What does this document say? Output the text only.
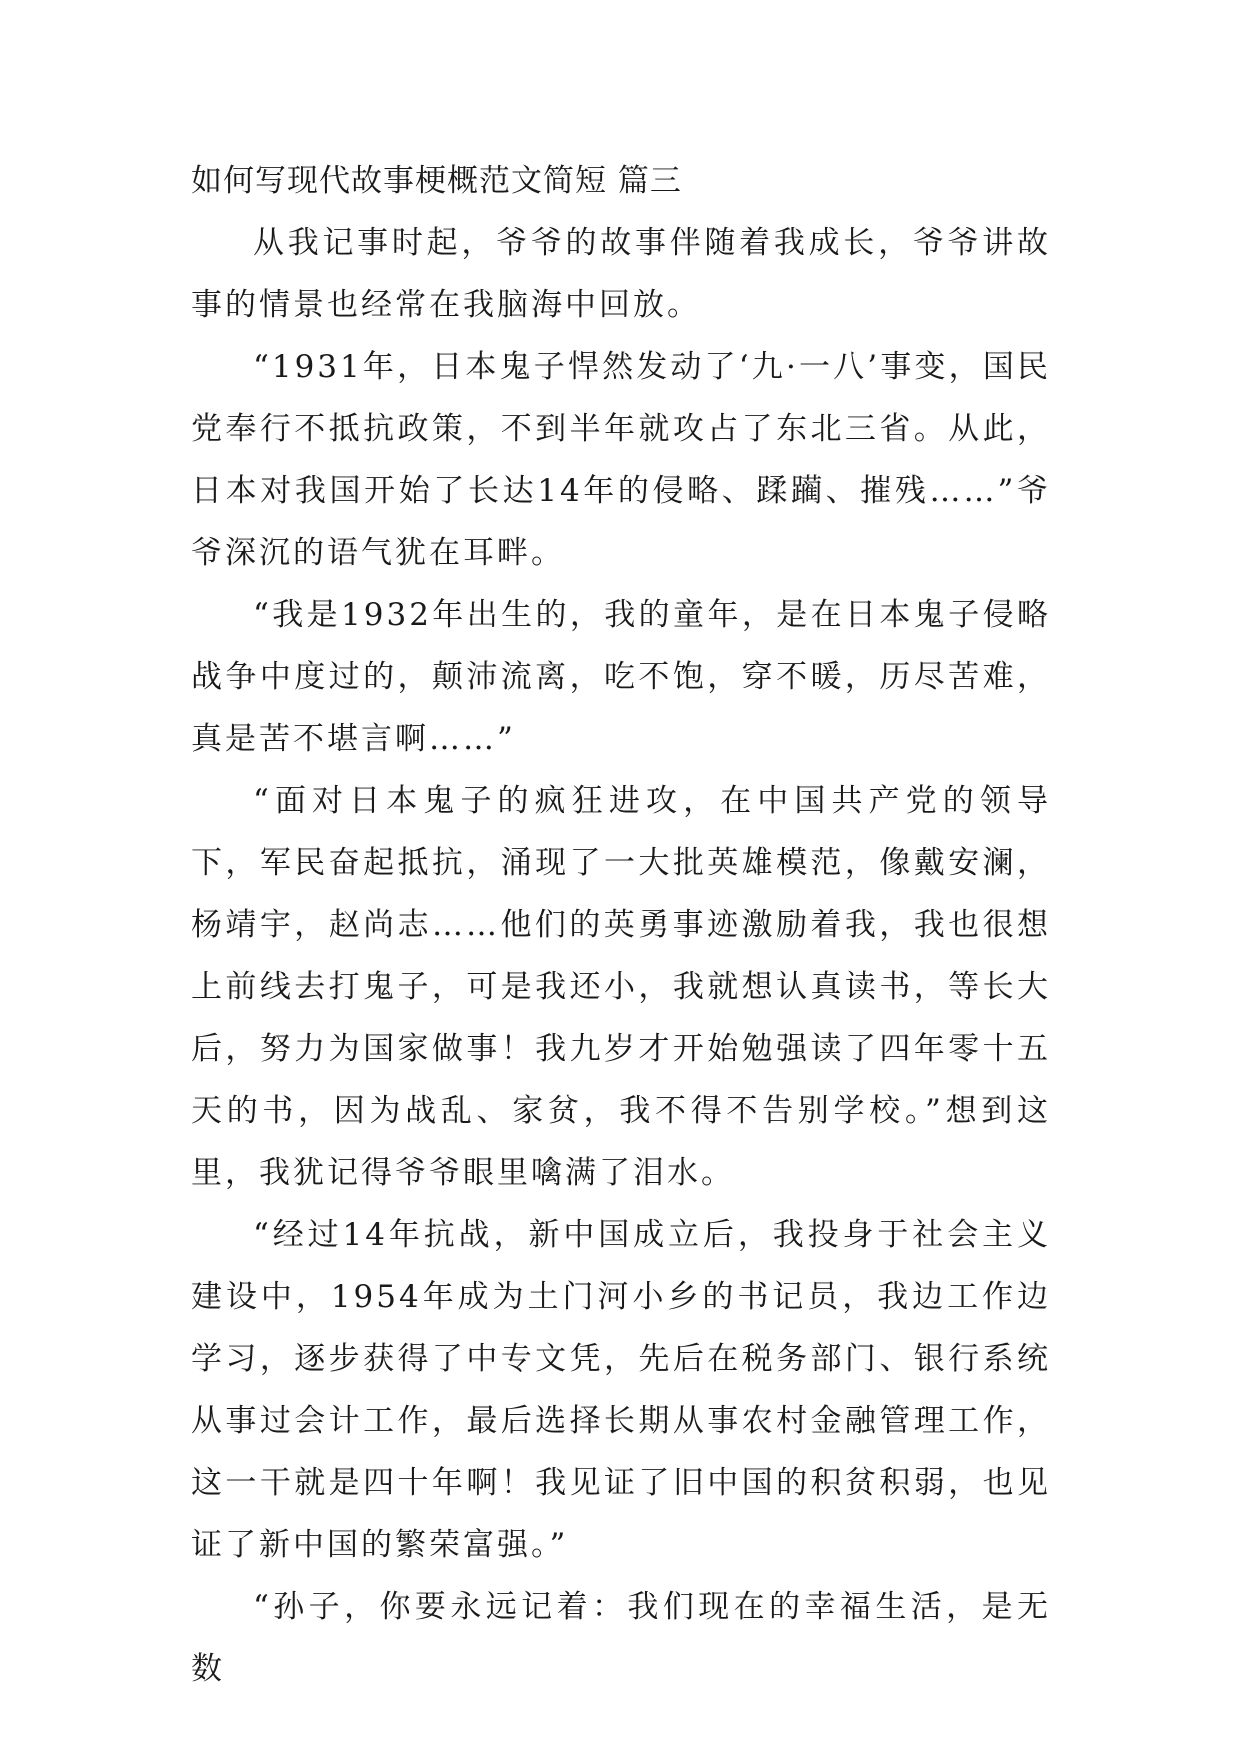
如何写现代故事梗概范文简短 篇三

从我记事时起，爷爷的故事伴随着我成长，爷爷讲故事的情景也经常在我脑海中回放。

“1931年，日本鬼子悍然发动了‘九·一八’事变，国民党奉行不抵抗政策，不到半年就攻占了东北三省。从此，日本对我国开始了长达14年的侵略、蹂躏、摧残……”爷爷深沉的语气犹在耳畔。

“我是1932年出生的，我的童年，是在日本鬼子侵略战争中度过的，颠沛流离，吃不饱，穿不暖，历尽苦难，真是苦不堪言啊……”

“面对日本鬼子的疯狂进攻，在中国共产党的领导下，军民奋起抵抗，涌现了一大批英雄模范，像戴安澜，杨靖宇，赵尚志……他们的英勇事迹激励着我，我也很想上前线去打鬼子，可是我还小，我就想认真读书，等长大后，努力为国家做事！我九岁才开始勉强读了四年零十五天的书，因为战乱、家贫，我不得不告别学校。”想到这里，我犹记得爷爷眼里噙满了泪水。

“经过14年抗战，新中国成立后，我投身于社会主义建设中，1954年成为土门河小乡的书记员，我边工作边学习，逐步获得了中专文凭，先后在税务部门、银行系统从事过会计工作，最后选择长期从事农村金融管理工作，这一干就是四十年啊！我见证了旧中国的积贫积弱，也见证了新中国的繁荣富强。”

“孙子，你要永远记着：我们现在的幸福生活，是无数
